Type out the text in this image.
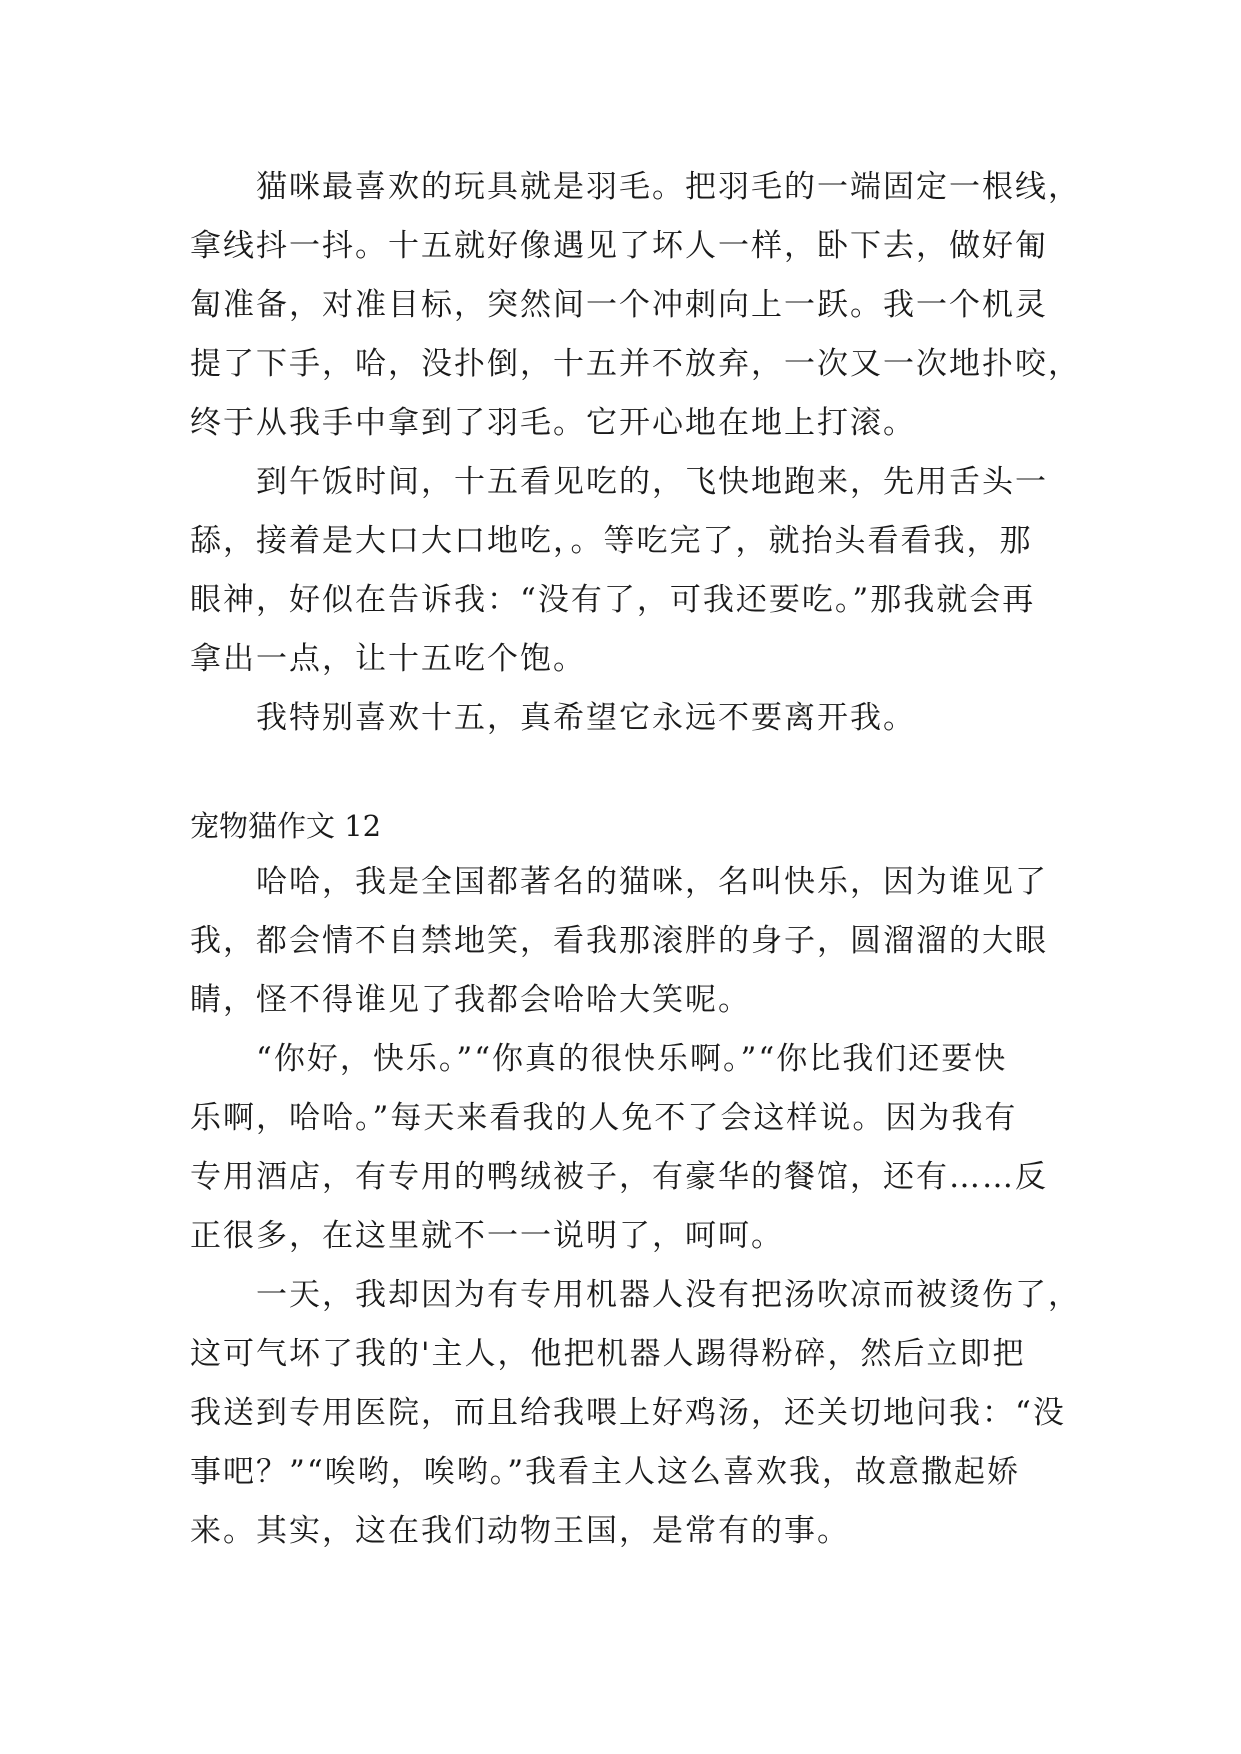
猫咪最喜欢的玩具就是羽毛。把羽毛的一端固定一根线，
拿线抖一抖。十五就好像遇见了坏人一样，卧下去，做好匍
匐准备，对准目标，突然间一个冲刺向上一跃。我一个机灵
提了下手，哈，没扑倒，十五并不放弃，一次又一次地扑咬，
终于从我手中拿到了羽毛。它开心地在地上打滚。
到午饭时间，十五看见吃的，飞快地跑来，先用舌头一
舔，接着是大口大口地吃，。等吃完了，就抬头看看我，那
眼神，好似在告诉我：“没有了，可我还要吃。”那我就会再
拿出一点，让十五吃个饱。
我特别喜欢十五，真希望它永远不要离开我。
宠物猫作文 12
哈哈，我是全国都著名的猫咪，名叫快乐，因为谁见了
我，都会情不自禁地笑，看我那滚胖的身子，圆溜溜的大眼
睛，怪不得谁见了我都会哈哈大笑呢。
“你好，快乐。”“你真的很快乐啊。”“你比我们还要快
乐啊，哈哈。”每天来看我的人免不了会这样说。因为我有
专用酒店，有专用的鸭绒被子，有豪华的餐馆，还有……反
正很多，在这里就不一一说明了，呵呵。
一天，我却因为有专用机器人没有把汤吹凉而被烫伤了，
这可气坏了我的'主人，他把机器人踢得粉碎，然后立即把
我送到专用医院，而且给我喂上好鸡汤，还关切地问我：“没
事吧？”“唉哟，唉哟。”我看主人这么喜欢我，故意撒起娇
来。其实，这在我们动物王国，是常有的事。
